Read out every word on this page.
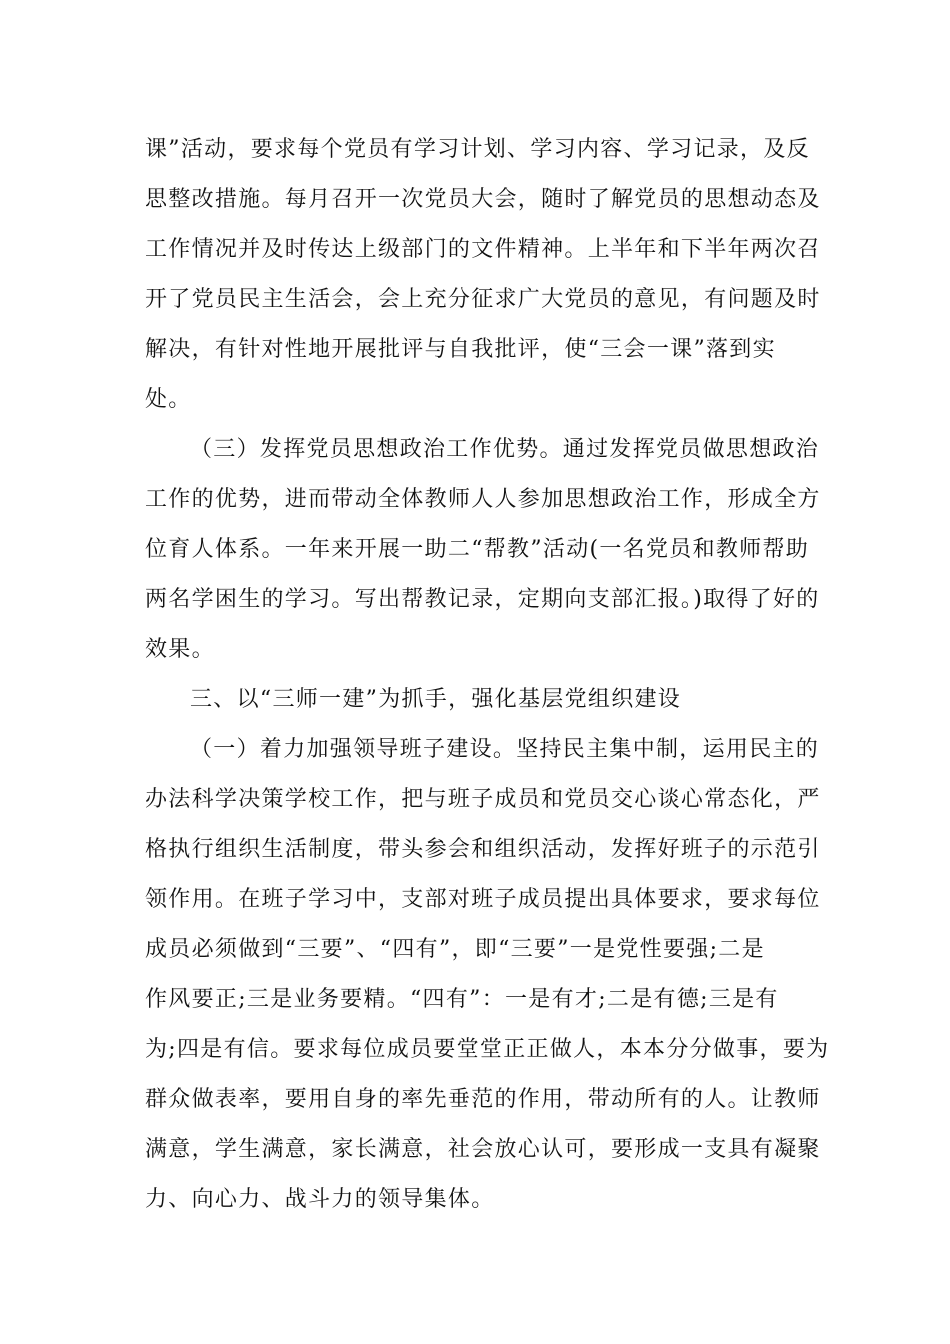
课”活动，要求每个党员有学习计划、学习内容、学习记录，及反
思整改措施。每月召开一次党员大会，随时了解党员的思想动态及
工作情况并及时传达上级部门的文件精神。上半年和下半年两次召
开了党员民主生活会，会上充分征求广大党员的意见，有问题及时
解决，有针对性地开展批评与自我批评，使“三会一课”落到实
处。
（三）发挥党员思想政治工作优势。通过发挥党员做思想政治
工作的优势，进而带动全体教师人人参加思想政治工作，形成全方
位育人体系。一年来开展一助二“帮教”活动(一名党员和教师帮助
两名学困生的学习。写出帮教记录，定期向支部汇报。)取得了好的
效果。
三、以“三师一建”为抓手，强化基层党组织建设
（一）着力加强领导班子建设。坚持民主集中制，运用民主的
办法科学决策学校工作，把与班子成员和党员交心谈心常态化，严
格执行组织生活制度，带头参会和组织活动，发挥好班子的示范引
领作用。在班子学习中，支部对班子成员提出具体要求，要求每位
成员必须做到“三要”、“四有”，即“三要”一是党性要强;二是
作风要正;三是业务要精。“四有”：一是有才;二是有德;三是有
为;四是有信。要求每位成员要堂堂正正做人，本本分分做事，要为
群众做表率，要用自身的率先垂范的作用，带动所有的人。让教师
满意，学生满意，家长满意，社会放心认可，要形成一支具有凝聚
力、向心力、战斗力的领导集体。
